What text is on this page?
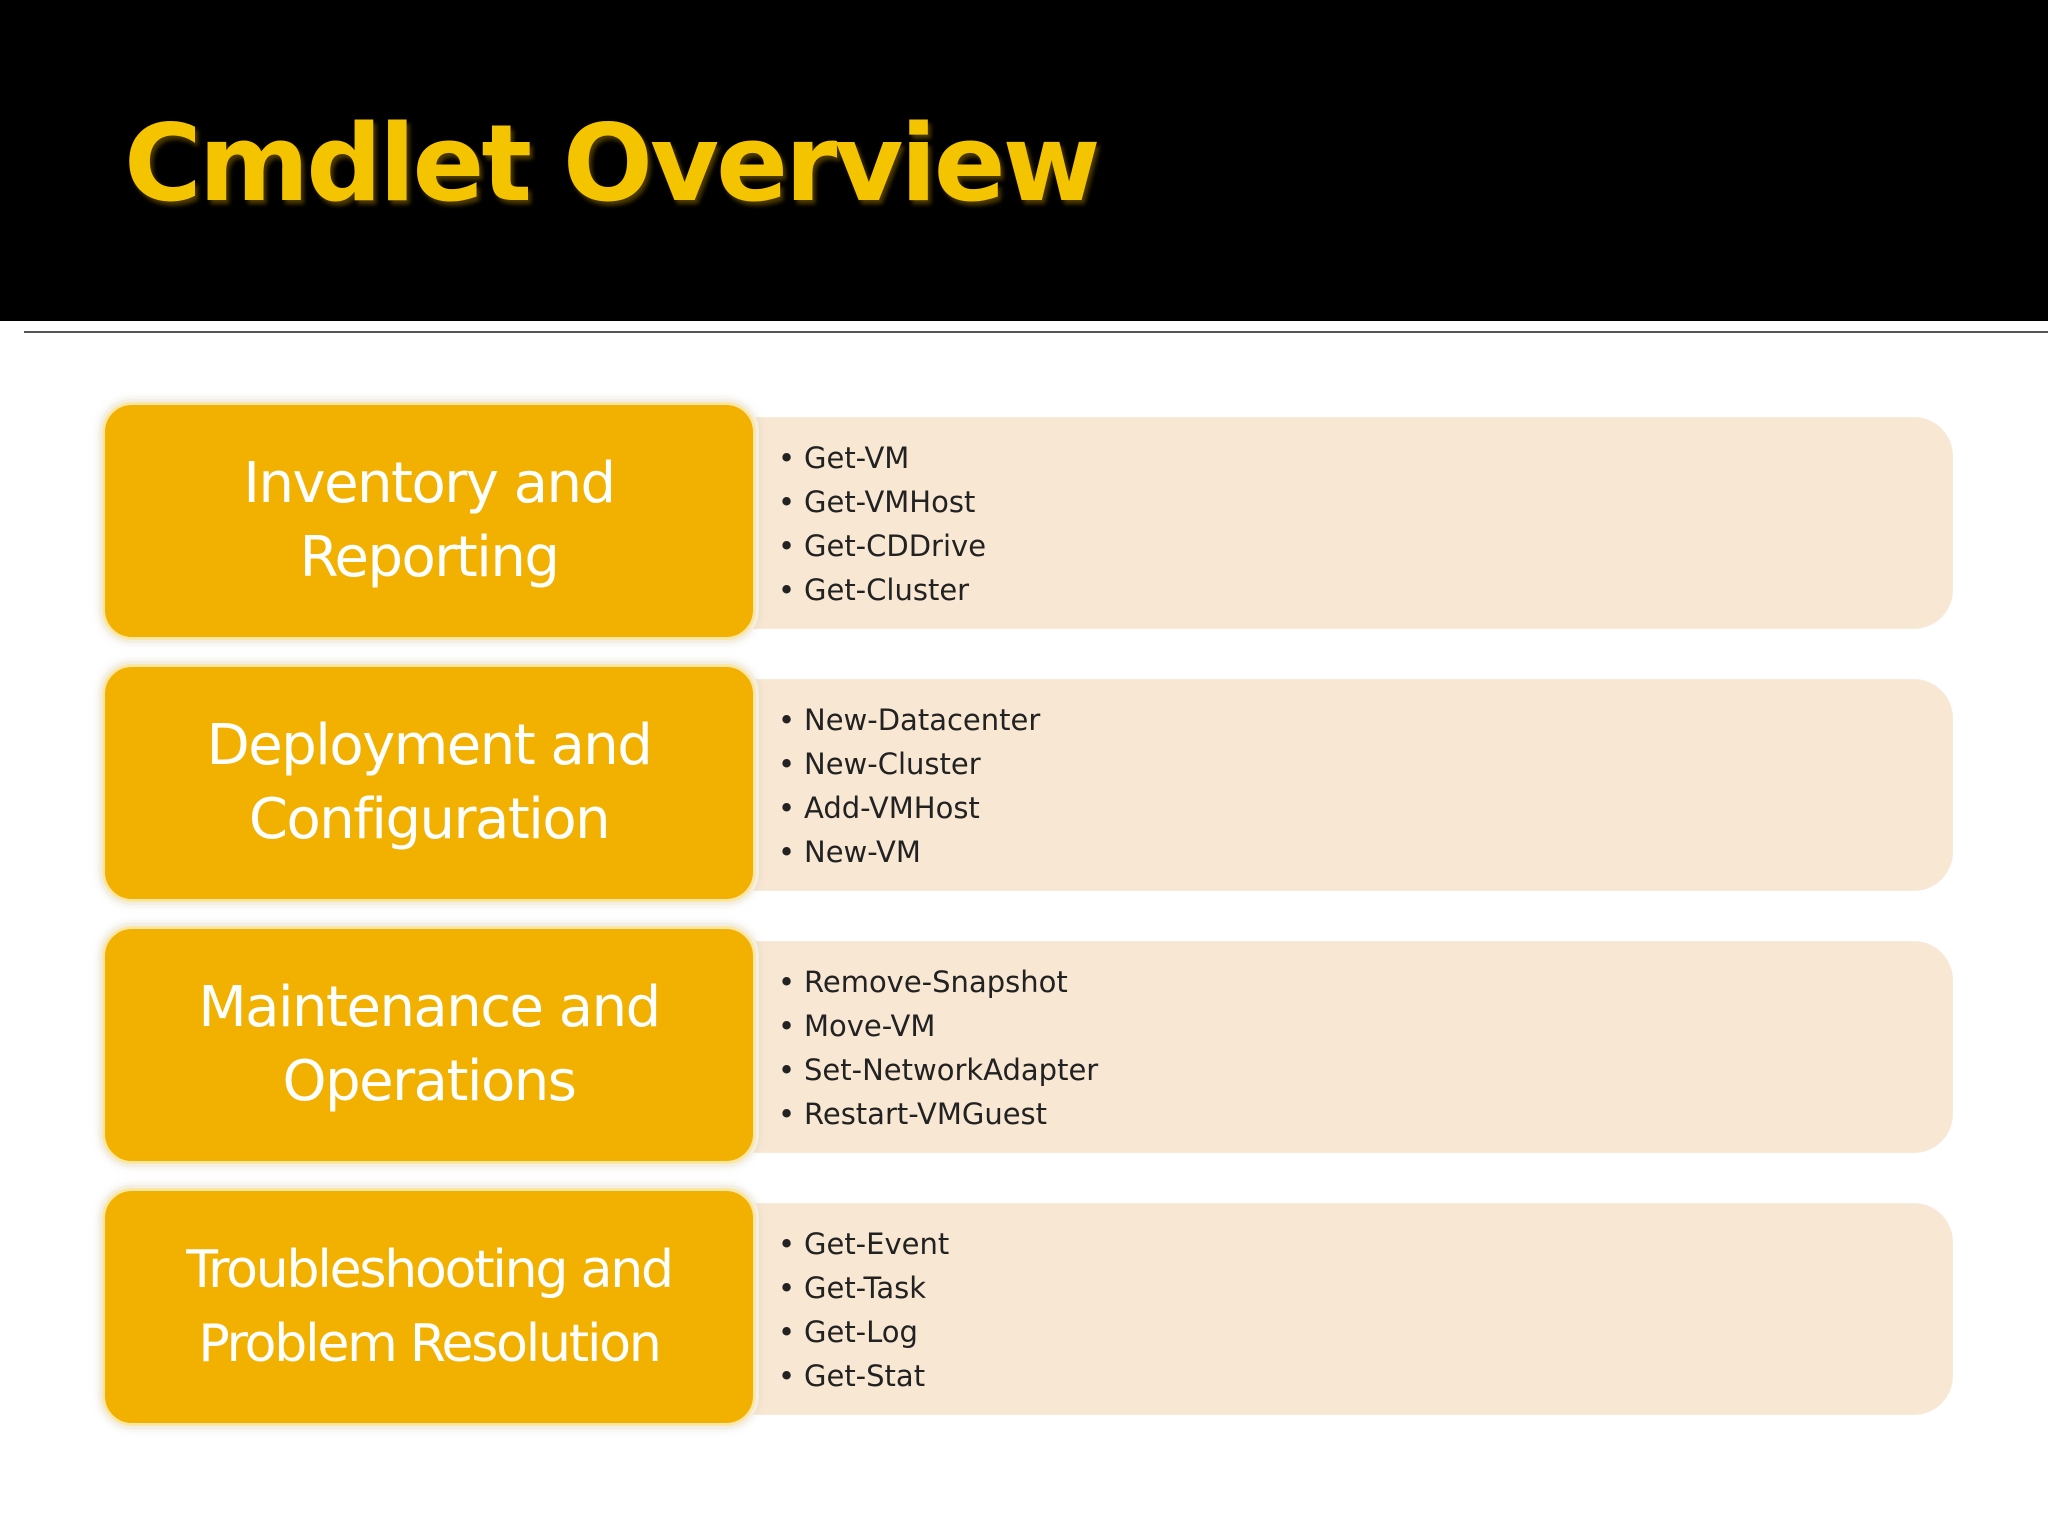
Cmdlet Overview
• Get-VM
• Get-VMHost
• Get-CDDrive
• Get-Cluster
Inventory and
Reporting
• New-Datacenter
• New-Cluster
• Add-VMHost
• New-VM
Deployment and
Configuration
• Remove-Snapshot
• Move-VM
• Set-NetworkAdapter
• Restart-VMGuest
Maintenance and
Operations
• Get-Event
• Get-Task
• Get-Log
• Get-Stat
Troubleshooting and
Problem Resolution
